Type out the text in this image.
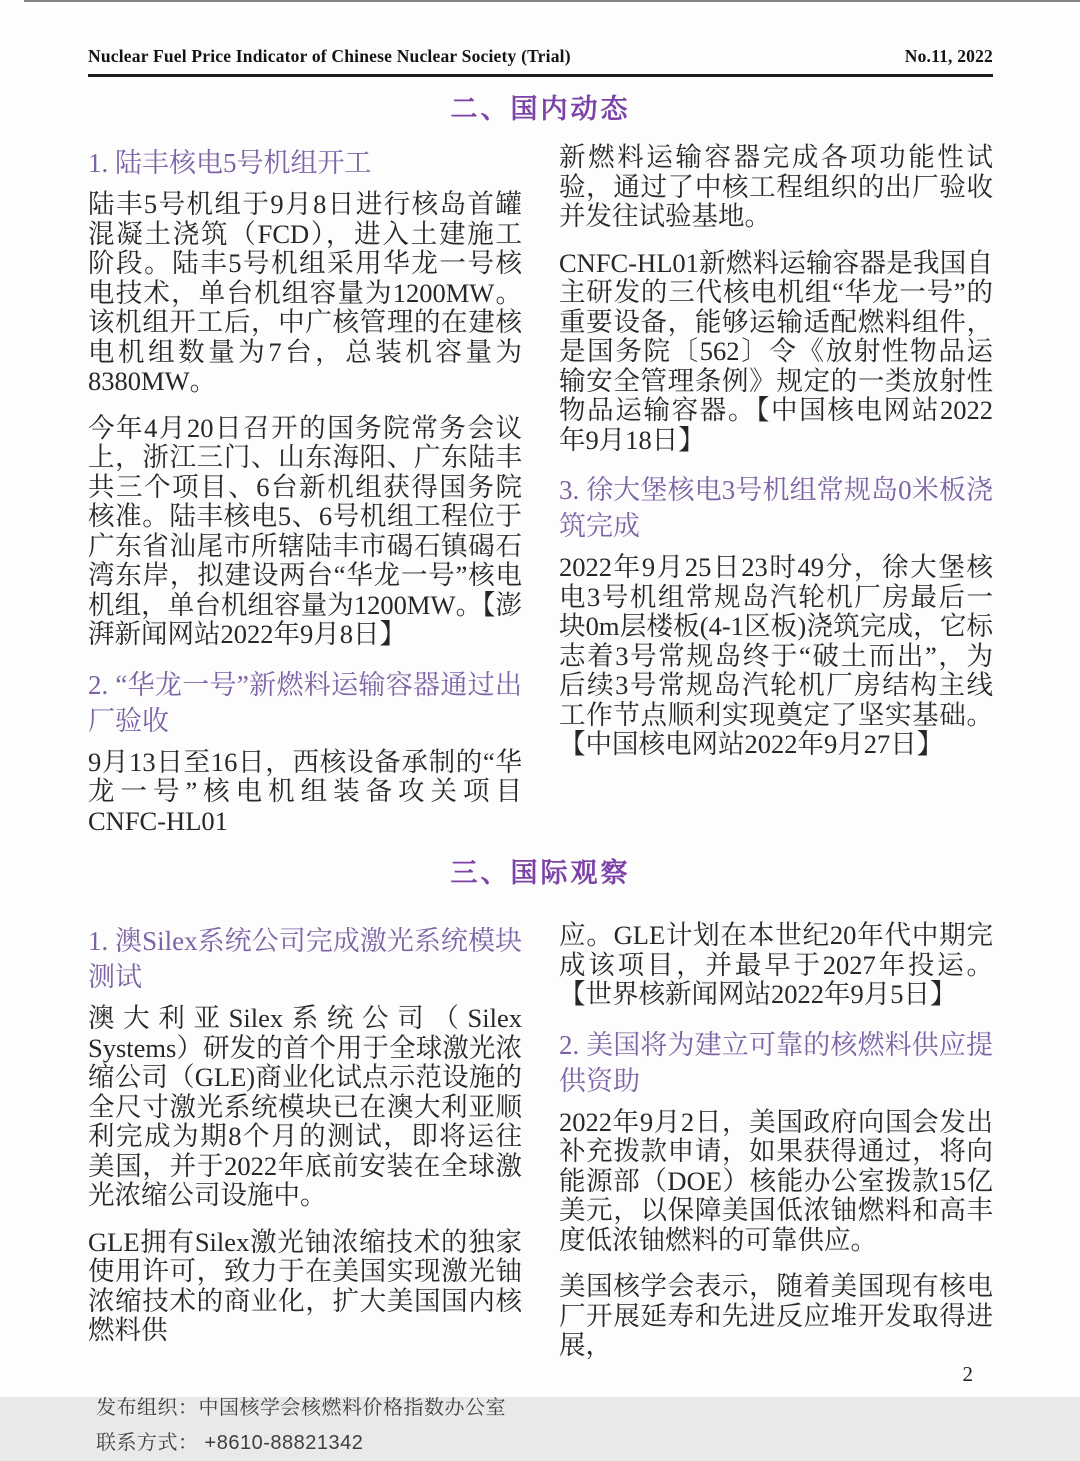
Nuclear Fuel Price Indicator of Chinese Nuclear Society (Trial)	No.11, 2022
二、国内动态
1. 陆丰核电5号机组开工

陆丰5号机组于9月8日进行核岛首罐混凝土浇筑（FCD），进入土建施工阶段。陆丰5号机组采用华龙一号核电技术，单台机组容量为1200MW。该机组开工后，中广核管理的在建核电机组数量为7台，总装机容量为8380MW。

今年4月20日召开的国务院常务会议上，浙江三门、山东海阳、广东陆丰共三个项目、6台新机组获得国务院核准。陆丰核电5、6号机组工程位于广东省汕尾市所辖陆丰市碣石镇碣石湾东岸，拟建设两台“华龙一号”核电机组，单台机组容量为1200MW。【澎湃新闻网站2022年9月8日】

2. “华龙一号”新燃料运输容器通过出厂验收

9月13日至16日，西核设备承制的“华龙一号”核电机组装备攻关项目CNFC-HL01

新燃料运输容器完成各项功能性试验，通过了中核工程组织的出厂验收并发往试验基地。

CNFC-HL01新燃料运输容器是我国自主研发的三代核电机组“华龙一号”的重要设备，能够运输适配燃料组件，是国务院〔562〕令《放射性物品运输安全管理条例》规定的一类放射性物品运输容器。【中国核电网站2022年9月18日】

3. 徐大堡核电3号机组常规岛0米板浇筑完成

2022年9月25日23时49分，徐大堡核电3号机组常规岛汽轮机厂房最后一块0m层楼板(4-1区板)浇筑完成，它标志着3号常规岛终于“破土而出”，为后续3号常规岛汽轮机厂房结构主线工作节点顺利实现奠定了坚实基础。【中国核电网站2022年9月27日】

三、国际观察
1. 澳Silex系统公司完成激光系统模块测试

澳大利亚Silex系统公司（Silex Systems）研发的首个用于全球激光浓缩公司（GLE)商业化试点示范设施的全尺寸激光系统模块已在澳大利亚顺利完成为期8个月的测试，即将运往美国，并于2022年底前安装在全球激光浓缩公司设施中。

GLE拥有Silex激光铀浓缩技术的独家使用许可，致力于在美国实现激光铀浓缩技术的商业化，扩大美国国内核燃料供

应。GLE计划在本世纪20年代中期完成该项目，并最早于2027年投运。【世界核新闻网站2022年9月5日】

2. 美国将为建立可靠的核燃料供应提供资助

2022年9月2日，美国政府向国会发出补充拨款申请，如果获得通过，将向能源部（DOE）核能办公室拨款15亿美元，以保障美国低浓铀燃料和高丰度低浓铀燃料的可靠供应。

美国核学会表示，随着美国现有核电厂开展延寿和先进反应堆开发取得进展，

2
发布组织：中国核学会核燃料价格指数办公室
联系方式： +8610-88821342
